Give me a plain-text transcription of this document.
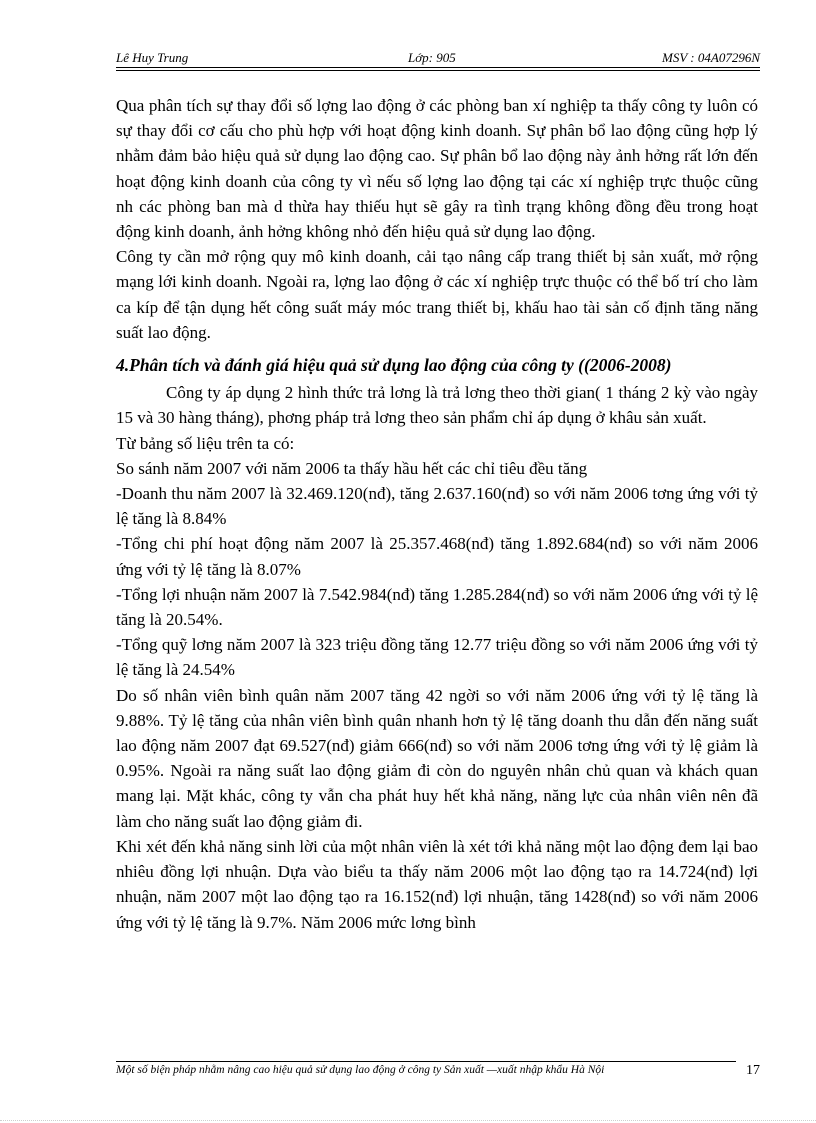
Lê Huy Trung	Lớp: 905	MSV : 04A07296N

Qua phân tích sự thay đổi số lợng lao động ở các phòng ban xí nghiệp ta thấy công ty luôn có sự thay đổi cơ cấu cho phù hợp với hoạt động kinh doanh. Sự phân bổ lao động cũng hợp lý nhằm đảm bảo hiệu quả sử dụng lao động cao. Sự phân bổ lao động này ảnh hởng rất lớn đến hoạt động kinh doanh của công ty vì nếu số lợng lao động tại các xí nghiệp trực thuộc cũng nh các phòng ban mà d thừa hay thiếu hụt sẽ gây ra tình trạng không đồng đều trong hoạt động kinh doanh, ảnh hởng không nhỏ đến hiệu quả sử dụng lao động.

Công ty cần mở rộng quy mô kinh doanh, cải tạo nâng cấp trang thiết bị sản xuất, mở rộng mạng lới kinh doanh. Ngoài ra, lợng lao động ở các xí nghiệp trực thuộc có thể bố trí cho làm ca kíp để tận dụng hết công suất máy móc trang thiết bị, khấu hao tài sản cố định tăng năng suất lao động.

4.Phân tích và đánh giá hiệu quả sử dụng lao động của công ty ((2006-2008)

Công ty áp dụng 2 hình thức trả lơng là trả lơng theo thời gian( 1 tháng 2 kỳ vào ngày 15 và 30 hàng tháng), phơng pháp trả lơng theo sản phẩm chỉ áp dụng ở khâu sản xuất.

Từ bảng số liệu trên ta có:

So sánh năm 2007 với năm 2006 ta thấy hầu hết các chỉ tiêu đều tăng

-Doanh thu năm 2007 là 32.469.120(nđ), tăng 2.637.160(nđ) so với năm 2006 tơng ứng với tỷ lệ tăng là 8.84%

-Tổng chi phí hoạt động năm 2007 là 25.357.468(nđ) tăng 1.892.684(nđ) so với năm 2006 ứng với tỷ lệ tăng là 8.07%

-Tổng lợi nhuận năm 2007 là 7.542.984(nđ) tăng 1.285.284(nđ) so với năm 2006 ứng với tỷ lệ tăng là 20.54%.

-Tổng quỹ lơng năm 2007 là 323 triệu đồng tăng 12.77 triệu đồng so với năm 2006 ứng với tỷ lệ tăng là 24.54%

Do số nhân viên bình quân năm 2007 tăng 42 ngời so với năm 2006 ứng với tỷ lệ tăng là 9.88%. Tỷ lệ tăng của nhân viên bình quân nhanh hơn tỷ lệ tăng doanh thu dẫn đến năng suất lao động năm 2007 đạt 69.527(nđ) giảm 666(nđ) so với năm 2006 tơng ứng với tỷ lệ giảm là 0.95%. Ngoài ra năng suất lao động giảm đi còn do nguyên nhân chủ quan và khách quan mang lại. Mặt khác, công ty vẫn cha phát huy hết khả năng, năng lực của nhân viên nên đã làm cho năng suất lao động giảm đi.

Khi xét đến khả năng sinh lời của một nhân viên là xét tới khả năng một lao động đem lại bao nhiêu đồng lợi nhuận. Dựa vào biểu ta thấy năm 2006 một lao động tạo ra 14.724(nđ) lợi nhuận, năm 2007 một lao động tạo ra 16.152(nđ) lợi nhuận, tăng 1428(nđ) so với năm 2006 ứng với tỷ lệ tăng là 9.7%. Năm 2006 mức lơng bình

Một số biện pháp nhằm nâng cao hiệu quả sử dụng lao động ở công ty Sản xuất —xuất nhập khẩu Hà Nội	17
